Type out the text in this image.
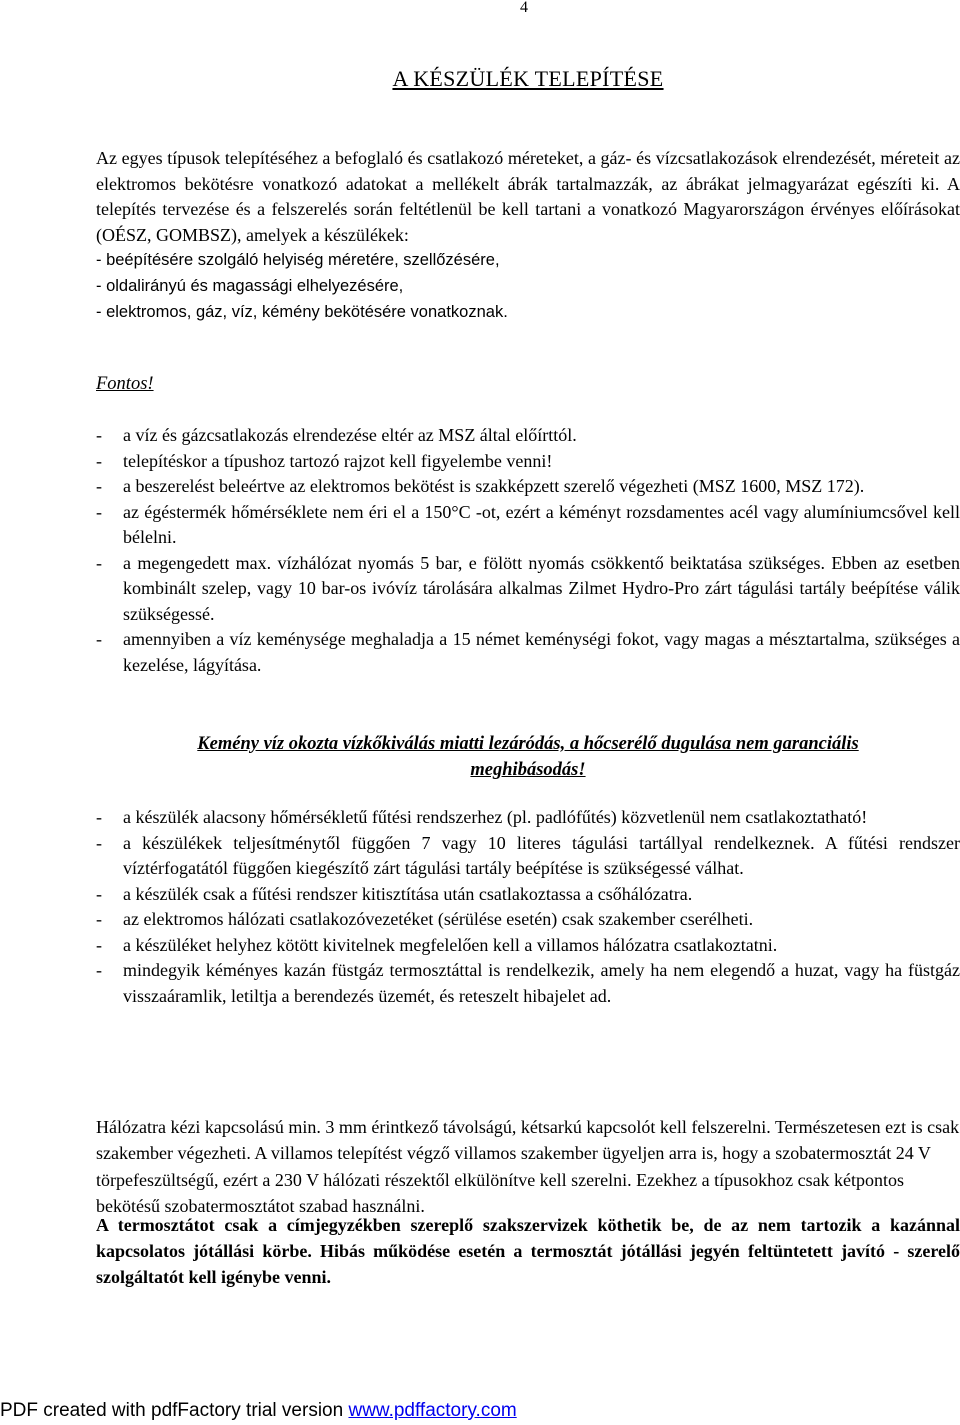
4
A KÉSZÜLÉK TELEPÍTÉSE

Az egyes típusok telepítéséhez a befoglaló és csatlakozó méreteket, a gáz- és vízcsatlakozások elrendezését, méreteit az elektromos bekötésre vonatkozó adatokat a mellékelt ábrák tartalmazzák, az ábrákat jelmagyarázat egészíti ki. A telepítés tervezése és a felszerelés során feltétlenül be kell tartani a vonatkozó Magyarországon érvényes előírásokat (OÉSZ, GOMBSZ), amelyek a készülékek:

- beépítésére szolgáló helyiség méretére, szellőzésére,
- oldalirányú és magassági elhelyezésére,
- elektromos, gáz, víz, kémény bekötésére vonatkoznak.
Fontos!
- a víz és gázcsatlakozás elrendezése eltér az MSZ által előírttól.
- telepítéskor a típushoz tartozó rajzot kell figyelembe venni!
- a beszerelést beleértve az elektromos bekötést is szakképzett szerelő végezheti (MSZ 1600, MSZ 172).
- az égéstermék hőmérséklete nem éri el a 150°C -ot, ezért a kéményt rozsdamentes acél vagy alumíniumcsővel kell bélelni.
- a megengedett max. vízhálózat nyomás 5 bar, e fölött nyomás csökkentő beiktatása szükséges. Ebben az esetben kombinált szelep, vagy 10 bar-os ivóvíz tárolására alkalmas Zilmet Hydro-Pro zárt tágulási tartály beépítése válik szükségessé.
- amennyiben a víz keménysége meghaladja a 15 német keménységi fokot, vagy magas a mésztartalma, szükséges a kezelése, lágyítása.
Kemény víz okozta vízkőkiválás miatti lezáródás, a hőcserélő dugulása nem garanciális
meghibásodás!
- a készülék alacsony hőmérsékletű fűtési rendszerhez (pl. padlófűtés) közvetlenül nem csatlakoztatható!
- a készülékek teljesítménytől függően 7 vagy 10 literes tágulási tartállyal rendelkeznek. A fűtési rendszer víztérfogatától függően kiegészítő zárt tágulási tartály beépítése is szükségessé válhat.
- a készülék csak a fűtési rendszer kitisztítása után csatlakoztassa a csőhálózatra.
- az elektromos hálózati csatlakozóvezetéket (sérülése esetén) csak szakember cserélheti.
- a készüléket helyhez kötött kivitelnek megfelelően kell a villamos hálózatra csatlakoztatni.
- mindegyik kéményes kazán füstgáz termosztáttal is rendelkezik, amely ha nem elegendő a huzat, vagy ha füstgáz visszaáramlik, letiltja a berendezés üzemét, és reteszelt hibajelet ad.
Hálózatra kézi kapcsolású min. 3 mm érintkező távolságú, kétsarkú kapcsolót kell felszerelni. Természetesen ezt is csak szakember végezheti. A villamos telepítést végző villamos szakember ügyeljen arra is, hogy a szobatermosztát 24 V törpefeszültségű, ezért a 230 V hálózati részektől elkülönítve kell szerelni. Ezekhez a típusokhoz csak kétpontos bekötésű szobatermosztátot szabad használni.
A termosztátot csak a címjegyzékben szereplő szakszervizek köthetik be, de az nem tartozik a kazánnal kapcsolatos jótállási körbe. Hibás működése esetén a termosztát jótállási jegyén feltüntetett javító - szerelő szolgáltatót kell igénybe venni.
PDF created with pdfFactory trial version www.pdffactory.com
